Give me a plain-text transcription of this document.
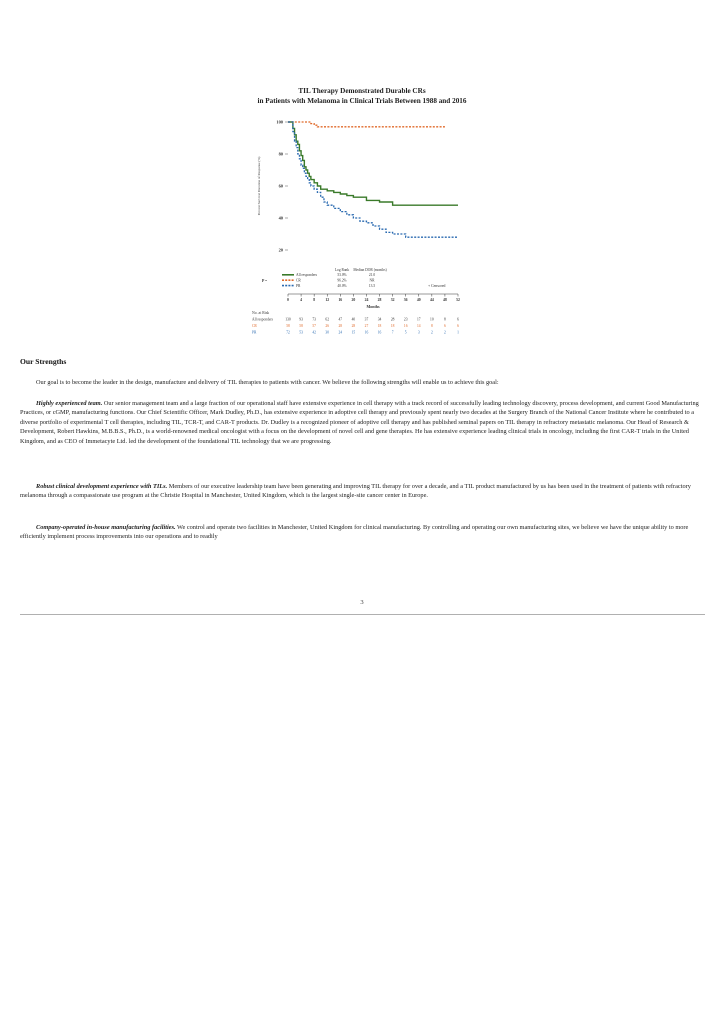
TIL Therapy Demonstrated Durable CRs
in Patients with Melanoma in Clinical Trials Between 1988 and 2016
20
40
60
80
100
Percent Survival Duration of Response (%)
0	4	8	12 16 20 24 28 32 36 40 44 48 52
Months
Log Rank Median DOR (months)
All responders	53.0%	21.0
CR	96.2%	NR
PR	40.0%	13.5
P =
+ Censored
No. at Risk
All responders	130 93	73	62	47	40	37	34	28	23	17	10	8	6
CR	58	58	57	26	28	28	27	18	18	16	14	8	6	6
PR	72	53	42	30	24	15	16	16	7	5	3	2	2	1
Our Strengths

Our goal is to become the leader in the design, manufacture and delivery of TIL therapies to patients with cancer. We believe the following strengths will enable us to achieve this goal:

Highly experienced team. Our senior management team and a large fraction of our operational staff have extensive experience in cell therapy with a track record of successfully leading technology discovery, process development, and current Good Manufacturing Practices, or cGMP, manufacturing functions. Our Chief Scientific Officer, Mark Dudley, Ph.D., has extensive experience in adoptive cell therapy and previously spent nearly two decades at the Surgery Branch of the National Cancer Institute where he contributed to a diverse portfolio of experimental T cell therapies, including TIL, TCR-T, and CAR-T products. Dr. Dudley is a recognized pioneer of adoptive cell therapy and has published seminal papers on TIL therapy in refractory metastatic melanoma. Our Head of Research & Development, Robert Hawkins, M.B.B.S., Ph.D., is a world-renowned medical oncologist with a focus on the development of novel cell and gene therapies. He has extensive experience leading clinical trials in oncology, including the first CAR-T trials in the United Kingdom, and as CEO of Immetacyte Ltd. led the development of the foundational TIL technology that we are progressing.

Robust clinical development experience with TILs. Members of our executive leadership team have been generating and improving TIL therapy for over a decade, and a TIL product manufactured by us has been used in the treatment of patients with refractory melanoma through a compassionate use program at the Christie Hospital in Manchester, United Kingdom, which is the largest single-site cancer center in Europe.

Company-operated in-house manufacturing facilities. We control and operate two facilities in Manchester, United Kingdom for clinical manufacturing. By controlling and operating our own manufacturing sites, we believe we have the unique ability to more efficiently implement process improvements into our operations and to readily

3
